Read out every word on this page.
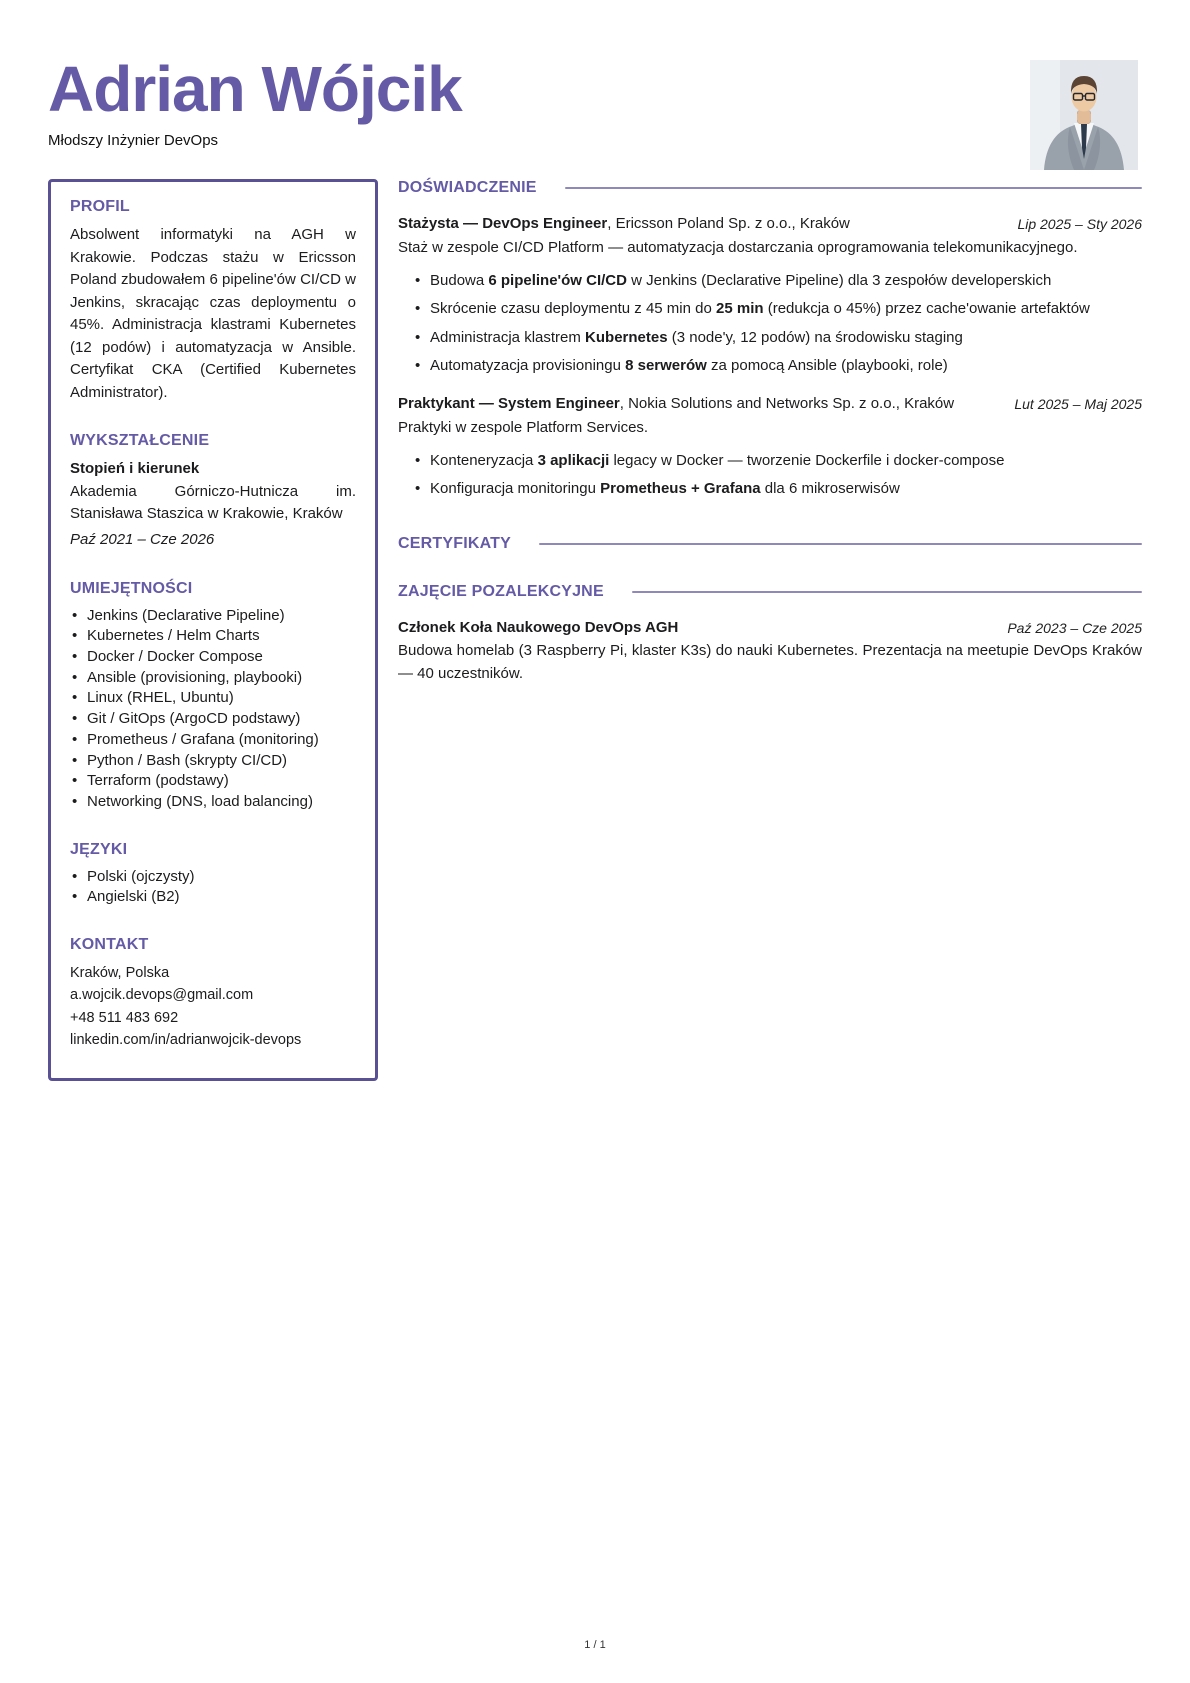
Adrian Wójcik
Młodszy Inżynier DevOps
PROFIL
Absolwent informatyki na AGH w Krakowie. Podczas stażu w Ericsson Poland zbudowałem 6 pipeline'ów CI/CD w Jenkins, skracając czas deploymentu o 45%. Administracja klastrami Kubernetes (12 podów) i automatyzacja w Ansible. Certyfikat CKA (Certified Kubernetes Administrator).
WYKSZTAŁCENIE
Stopień i kierunek
Akademia Górniczo-Hutnicza im. Stanisława Staszica w Krakowie, Kraków
Paź 2021 – Cze 2026
UMIEJĘTNOŚCI
• Jenkins (Declarative Pipeline)
• Kubernetes / Helm Charts
• Docker / Docker Compose
• Ansible (provisioning, playbooki)
• Linux (RHEL, Ubuntu)
• Git / GitOps (ArgoCD podstawy)
• Prometheus / Grafana (monitoring)
• Python / Bash (skrypty CI/CD)
• Terraform (podstawy)
• Networking (DNS, load balancing)
JĘZYKI
• Polski (ojczysty)
• Angielski (B2)
KONTAKT
Kraków, Polska
a.wojcik.devops@gmail.com
+48 511 483 692
linkedin.com/in/adrianwojcik-devops
DOŚWIADCZENIE
Stażysta — DevOps Engineer, Ericsson Poland Sp. z o.o., Kraków	Lip 2025 – Sty 2026
Staż w zespole CI/CD Platform — automatyzacja dostarczania oprogramowania telekomunikacyjnego.
• Budowa 6 pipeline'ów CI/CD w Jenkins (Declarative Pipeline) dla 3 zespołów developerskich
• Skrócenie czasu deploymentu z 45 min do 25 min (redukcja o 45%) przez cache'owanie artefaktów
• Administracja klastrem Kubernetes (3 node'y, 12 podów) na środowisku staging
• Automatyzacja provisioningu 8 serwerów za pomocą Ansible (playbooki, role)
Praktykant — System Engineer, Nokia Solutions and Networks Sp. z o.o., Kraków	Lut 2025 – Maj 2025
Praktyki w zespole Platform Services.
• Konteneryzacja 3 aplikacji legacy w Docker — tworzenie Dockerfile i docker-compose
• Konfiguracja monitoringu Prometheus + Grafana dla 6 mikroserwisów
CERTYFIKATY
ZAJĘCIE POZALEKCYJNE
Członek Koła Naukowego DevOps AGH	Paź 2023 – Cze 2025
Budowa homelab (3 Raspberry Pi, klaster K3s) do nauki Kubernetes. Prezentacja na meetupie DevOps Kraków — 40 uczestników.
1 / 1
